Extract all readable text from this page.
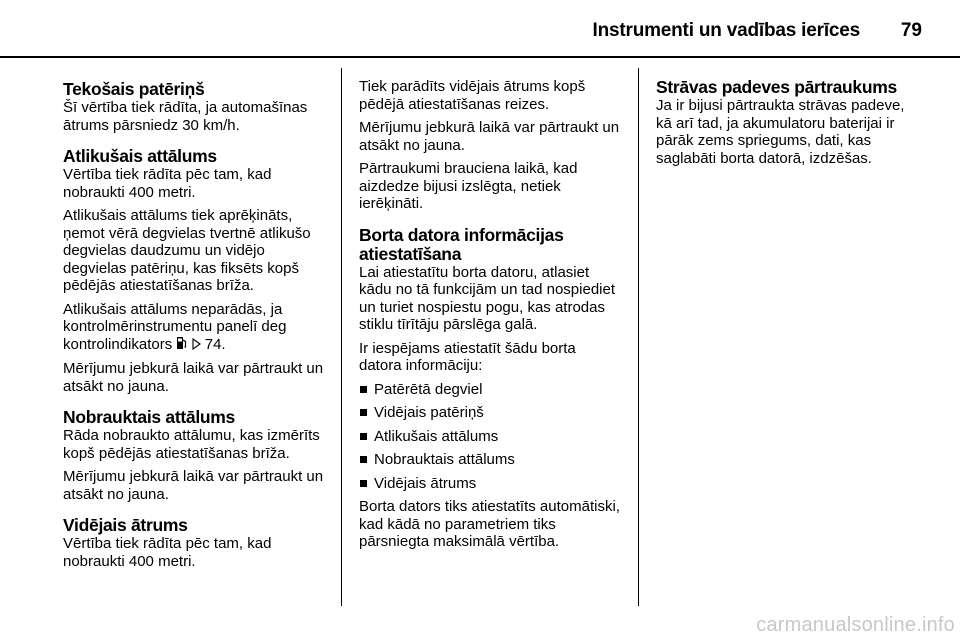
Instrumenti un vadības ierīces	79
Tekošais patēriņš

Šī vērtība tiek rādīta, ja automašīnas ātrums pārsniedz 30 km/h.

Atlikušais attālums

Vērtība tiek rādīta pēc tam, kad nobraukti 400 metri.

Atlikušais attālums tiek aprēķināts, ņemot vērā degvielas tvertnē atlikušo degvielas daudzumu un vidējo degvielas patēriņu, kas fiksēts kopš pēdējās atiestatīšanas brīža.

Atlikušais attālums neparādās, ja kontrolmērinstrumentu panelī deg kontrolindikators 74.

Mērījumu jebkurā laikā var pārtraukt un atsākt no jauna.

Nobrauktais attālums

Rāda nobraukto attālumu, kas izmērīts kopš pēdējās atiestatīšanas brīža.

Mērījumu jebkurā laikā var pārtraukt un atsākt no jauna.

Vidējais ātrums

Vērtība tiek rādīta pēc tam, kad nobraukti 400 metri.

Tiek parādīts vidējais ātrums kopš pēdējā atiestatīšanas reizes.

Mērījumu jebkurā laikā var pārtraukt un atsākt no jauna.

Pārtraukumi brauciena laikā, kad aizdedze bijusi izslēgta, netiek ierēķināti.

Borta datora informācijas atiestatīšana

Lai atiestatītu borta datoru, atlasiet kādu no tā funkcijām un tad nospiediet un turiet nospiestu pogu, kas atrodas stiklu tīrītāju pārslēga galā.

Ir iespējams atiestatīt šādu borta datora informāciju:

Patērētā degviel
Vidējais patēriņš
Atlikušais attālums
Nobrauktais attālums
Vidējais ātrums

Borta dators tiks atiestatīts automātiski, kad kādā no parametriem tiks pārsniegta maksimālā vērtība.

Strāvas padeves pārtraukums

Ja ir bijusi pārtraukta strāvas padeve, kā arī tad, ja akumulatoru baterijai ir pārāk zems spriegums, dati, kas saglabāti borta datorā, izdzēšas.

carmanualsonline.info
